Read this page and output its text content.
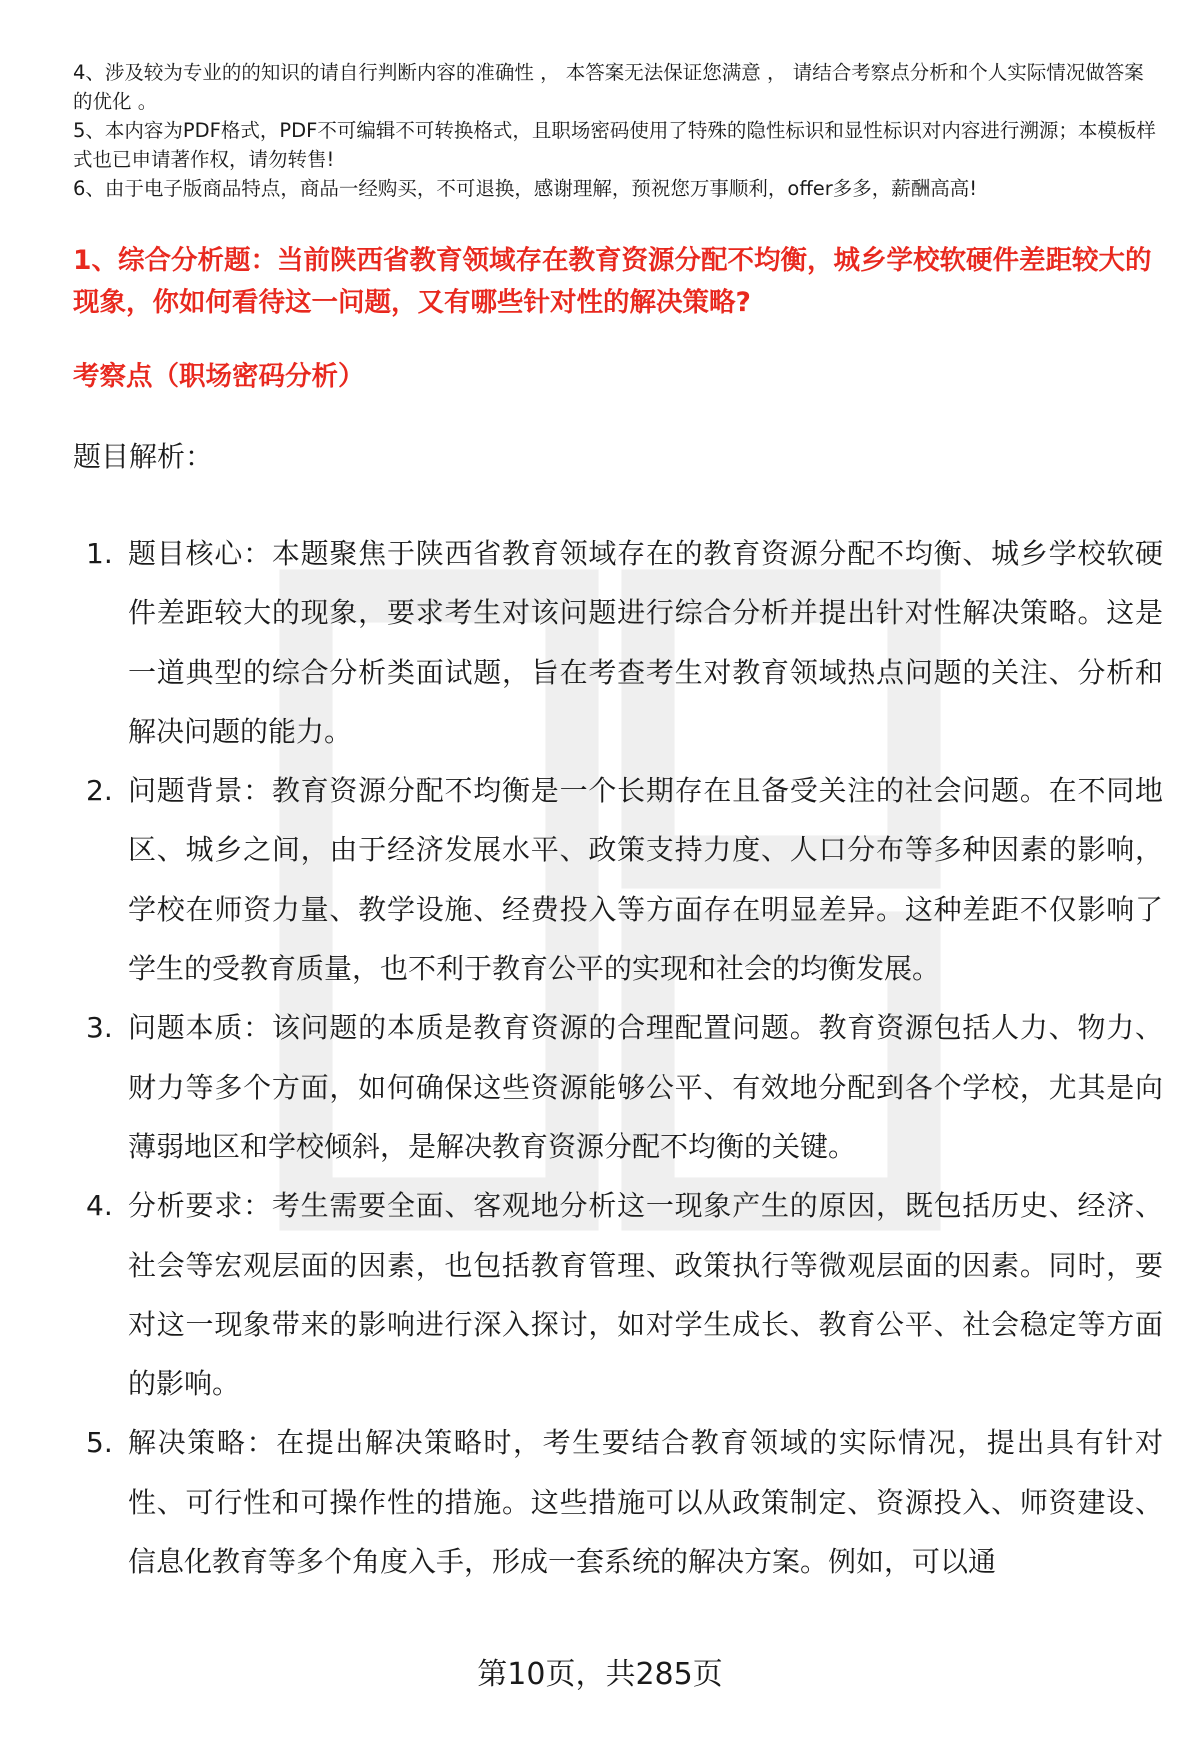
4、涉及较为专业的的知识的请自行判断内容的准确性 ， 本答案无法保证您满意 ， 请结合考察点分析和个人实际情况做答案的优化 。

5、本内容为PDF格式，PDF不可编辑不可转换格式，且职场密码使用了特殊的隐性标识和显性标识对内容进行溯源；本模板样式也已申请著作权，请勿转售!

6、由于电子版商品特点，商品一经购买，不可退换，感谢理解，预祝您万事顺利，offer多多，薪酬高高!

1、综合分析题：当前陕西省教育领域存在教育资源分配不均衡，城乡学校软硬件差距较大的现象，你如何看待这一问题，又有哪些针对性的解决策略?
考察点（职场密码分析）
题目解析：
1. 题目核心：本题聚焦于陕西省教育领域存在的教育资源分配不均衡、城乡学校软硬件差距较大的现象，要求考生对该问题进行综合分析并提出针对性解决策略。这是一道典型的综合分析类面试题，旨在考查考生对教育领域热点问题的关注、分析和解决问题的能力。
2. 问题背景：教育资源分配不均衡是一个长期存在且备受关注的社会问题。在不同地区、城乡之间，由于经济发展水平、政策支持力度、人口分布等多种因素的影响，学校在师资力量、教学设施、经费投入等方面存在明显差异。这种差距不仅影响了学生的受教育质量，也不利于教育公平的实现和社会的均衡发展。
3. 问题本质：该问题的本质是教育资源的合理配置问题。教育资源包括人力、物力、财力等多个方面，如何确保这些资源能够公平、有效地分配到各个学校，尤其是向薄弱地区和学校倾斜，是解决教育资源分配不均衡的关键。
4. 分析要求：考生需要全面、客观地分析这一现象产生的原因，既包括历史、经济、社会等宏观层面的因素，也包括教育管理、政策执行等微观层面的因素。同时，要对这一现象带来的影响进行深入探讨，如对学生成长、教育公平、社会稳定等方面的影响。
5. 解决策略：在提出解决策略时，考生要结合教育领域的实际情况，提出具有针对性、可行性和可操作性的措施。这些措施可以从政策制定、资源投入、师资建设、信息化教育等多个角度入手，形成一套系统的解决方案。例如，可以通
第10页，共285页
